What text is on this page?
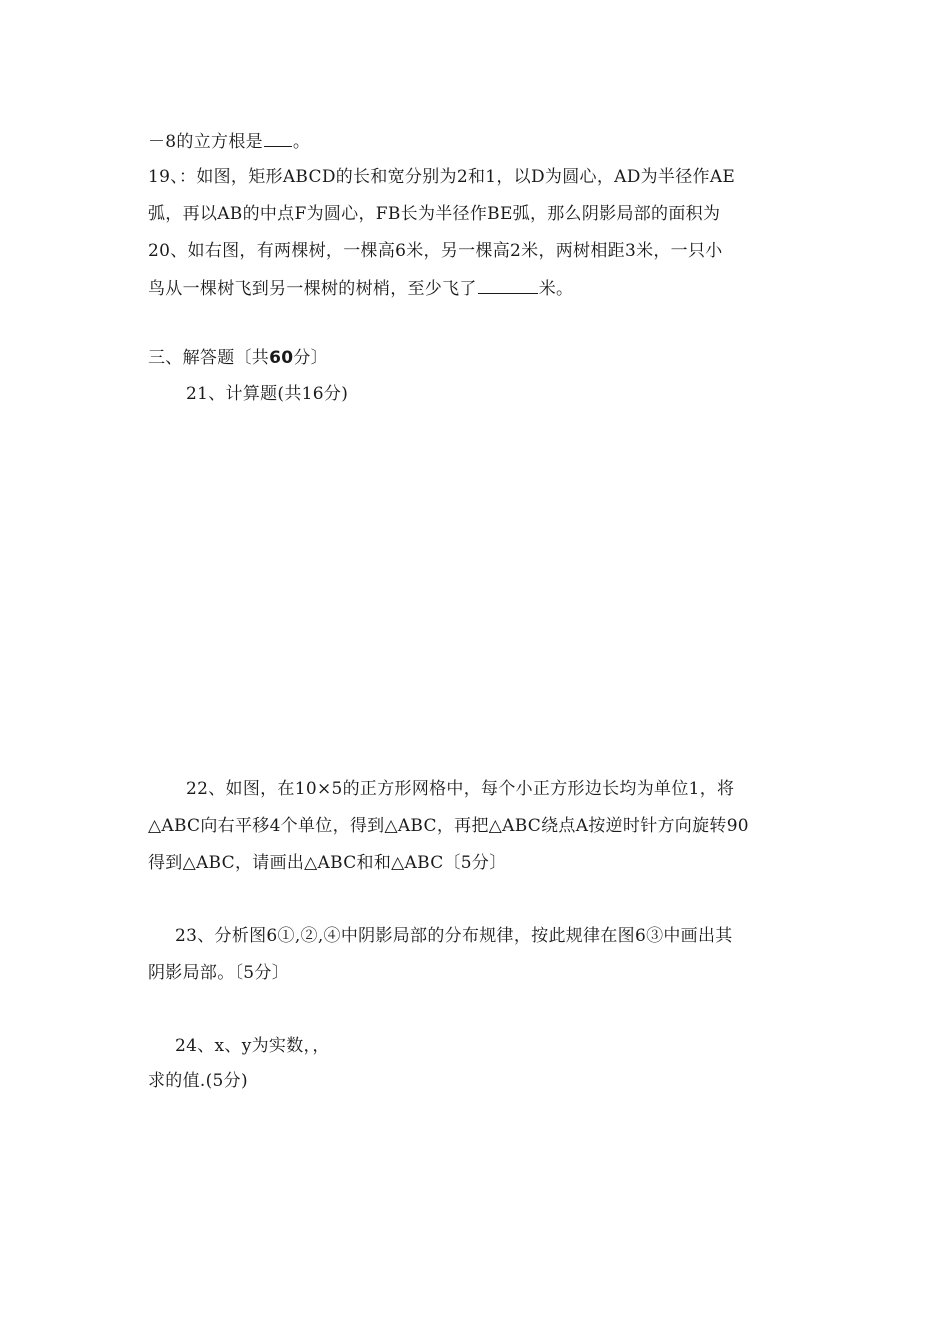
－8的立方根是 。
19、：如图，矩形ABCD的长和宽分别为2和1，以D为圆心，AD为半径作AE
弧，再以AB的中点F为圆心，FB长为半径作BE弧，那么阴影局部的面积为
20、如右图，有两棵树，一棵高6米，另一棵高2米，两树相距3米，一只小
鸟从一棵树飞到另一棵树的树梢，至少飞了	米。
三、解答题〔共60分〕
21、计算题(共16分)
22、如图，在10×5的正方形网格中，每个小正方形边长均为单位1，将
△ABC向右平移4个单位，得到△ABC，再把△ABC绕点A按逆时针方向旋转90
得到△ABC，请画出△ABC和和△ABC〔5分〕
23、分析图6①,②,④中阴影局部的分布规律，按此规律在图6③中画出其
阴影局部。〔5分〕
24、x、y为实数，，
求的值.(5分)
